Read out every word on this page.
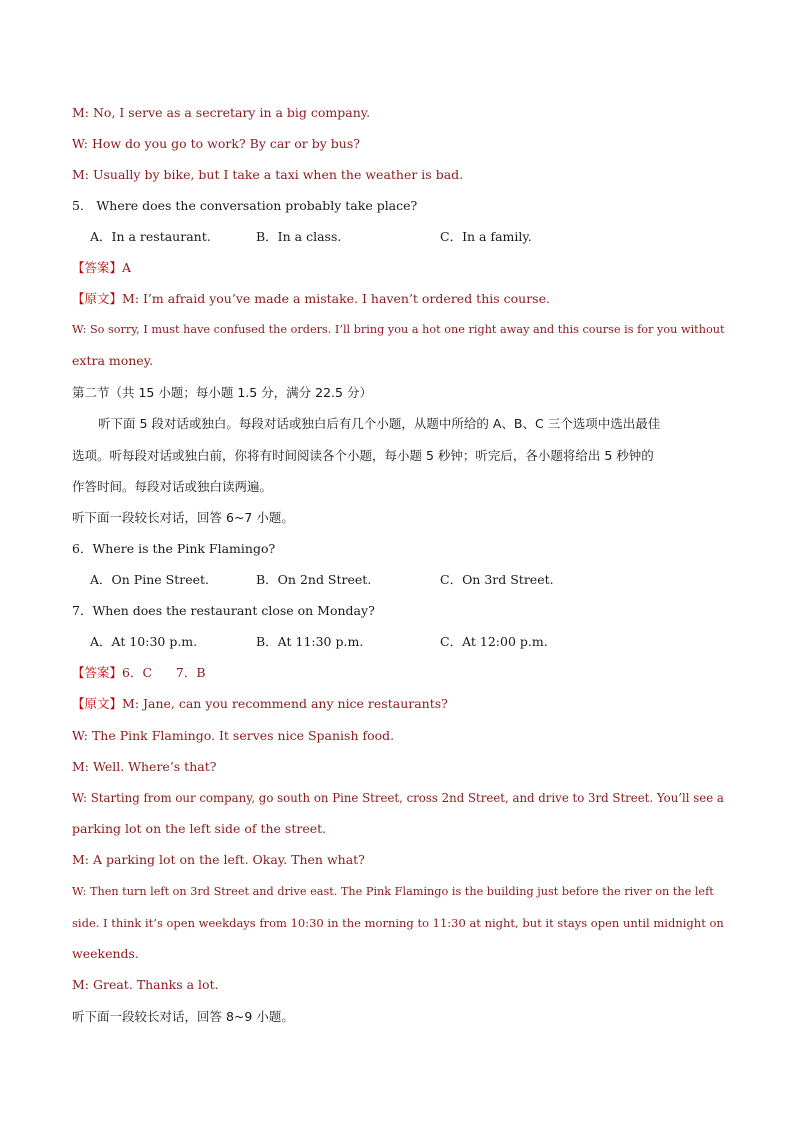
M: No, I serve as a secretary in a big company.
W: How do you go to work? By car or by bus?
M: Usually by bike, but I take a taxi when the weather is bad.
5． Where does the conversation probably take place?
A．In a restaurant.	B．In a class.	C．In a family.
【答案】A
【原文】M: I’m afraid you’ve made a mistake. I haven’t ordered this course.
W: So sorry, I must have confused the orders. I’ll bring you a hot one right away and this course is for you without
extra money.
第二节（共 15 小题；每小题 1.5 分，满分 22.5 分）
听下面 5 段对话或独白。每段对话或独白后有几个小题，从题中所给的 A、B、C 三个选项中选出最佳
选项。听每段对话或独白前，你将有时间阅读各个小题，每小题 5 秒钟；听完后，各小题将给出 5 秒钟的
作答时间。每段对话或独白读两遍。
听下面一段较长对话，回答 6~7 小题。
6．Where is the Pink Flamingo?
A．On Pine Street.	B．On 2nd Street.	C．On 3rd Street.
7．When does the restaurant close on Monday?
A．At 10:30 p.m.	B．At 11:30 p.m.	C．At 12:00 p.m.
【答案】6．C      7．B
【原文】M: Jane, can you recommend any nice restaurants?
W: The Pink Flamingo. It serves nice Spanish food.
M: Well. Where’s that?
W: Starting from our company, go south on Pine Street, cross 2nd Street, and drive to 3rd Street. You’ll see a
parking lot on the left side of the street.
M: A parking lot on the left. Okay. Then what?
W: Then turn left on 3rd Street and drive east. The Pink Flamingo is the building just before the river on the left
side. I think it’s open weekdays from 10:30 in the morning to 11:30 at night, but it stays open until midnight on
weekends.
M: Great. Thanks a lot.
听下面一段较长对话，回答 8~9 小题。
